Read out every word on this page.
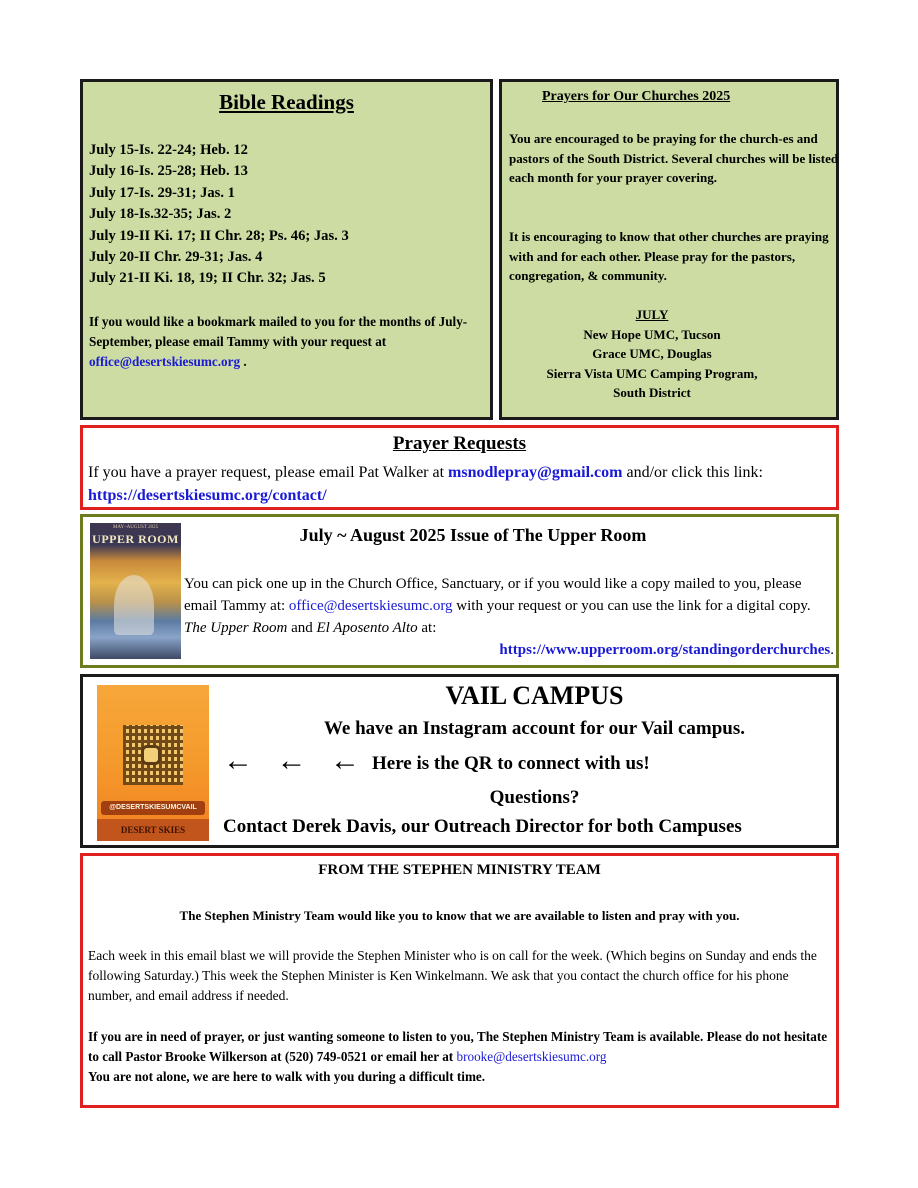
Bible Readings
July 15-Is. 22-24; Heb. 12
July 16-Is. 25-28; Heb. 13
July 17-Is. 29-31; Jas. 1
July 18-Is.32-35; Jas. 2
July 19-II Ki. 17; II Chr. 28; Ps. 46; Jas. 3
July 20-II Chr. 29-31; Jas. 4
July 21-II Ki. 18, 19; II Chr. 32; Jas. 5
If you would like a bookmark mailed to you for the months of July-September, please email Tammy with your request at office@desertskiesumc.org .
Prayers for Our Churches 2025
You are encouraged to be praying for the church-es and pastors of the South District. Several churches will be listed each month for your prayer covering.
It is encouraging to know that other churches are praying with and for each other. Please pray for the pastors, congregation, & community.
JULY
New Hope UMC, Tucson
Grace UMC, Douglas
Sierra Vista UMC Camping Program,
South District
Prayer Requests
If you have a prayer request, please email Pat Walker at msnodlepray@gmail.com and/or click this link: https://desertskiesumc.org/contact/
MAY–AUGUST 2025
UPPER ROOM	July ~ August 2025 Issue of The Upper Room
You can pick one up in the Church Office, Sanctuary, or if you would like a copy mailed to you, please email Tammy at: office@desertskiesumc.org with your request or you can use the link for a digital copy. The Upper Room and El Aposento Alto at:
https://www.upperroom.org/standingorderchurches.
@DESERTSKIESUMCVAIL
DESERT SKIES
VAIL CAMPUS
We have an Instagram account for our Vail campus.
← ← ← Here is the QR to connect with us!
Questions?
Contact Derek Davis, our Outreach Director for both Campuses
FROM THE STEPHEN MINISTRY TEAM
The Stephen Ministry Team would like you to know that we are available to listen and pray with you.
Each week in this email blast we will provide the Stephen Minister who is on call for the week. (Which begins on Sunday and ends the following Saturday.) This week the Stephen Minister is Ken Winkelmann. We ask that you contact the church office for his phone number, and email address if needed.
If you are in need of prayer, or just wanting someone to listen to you, The Stephen Ministry Team is available. Please do not hesitate to call Pastor Brooke Wilkerson at (520) 749-0521 or email her at brooke@desertskiesumc.org
You are not alone, we are here to walk with you during a difficult time.
